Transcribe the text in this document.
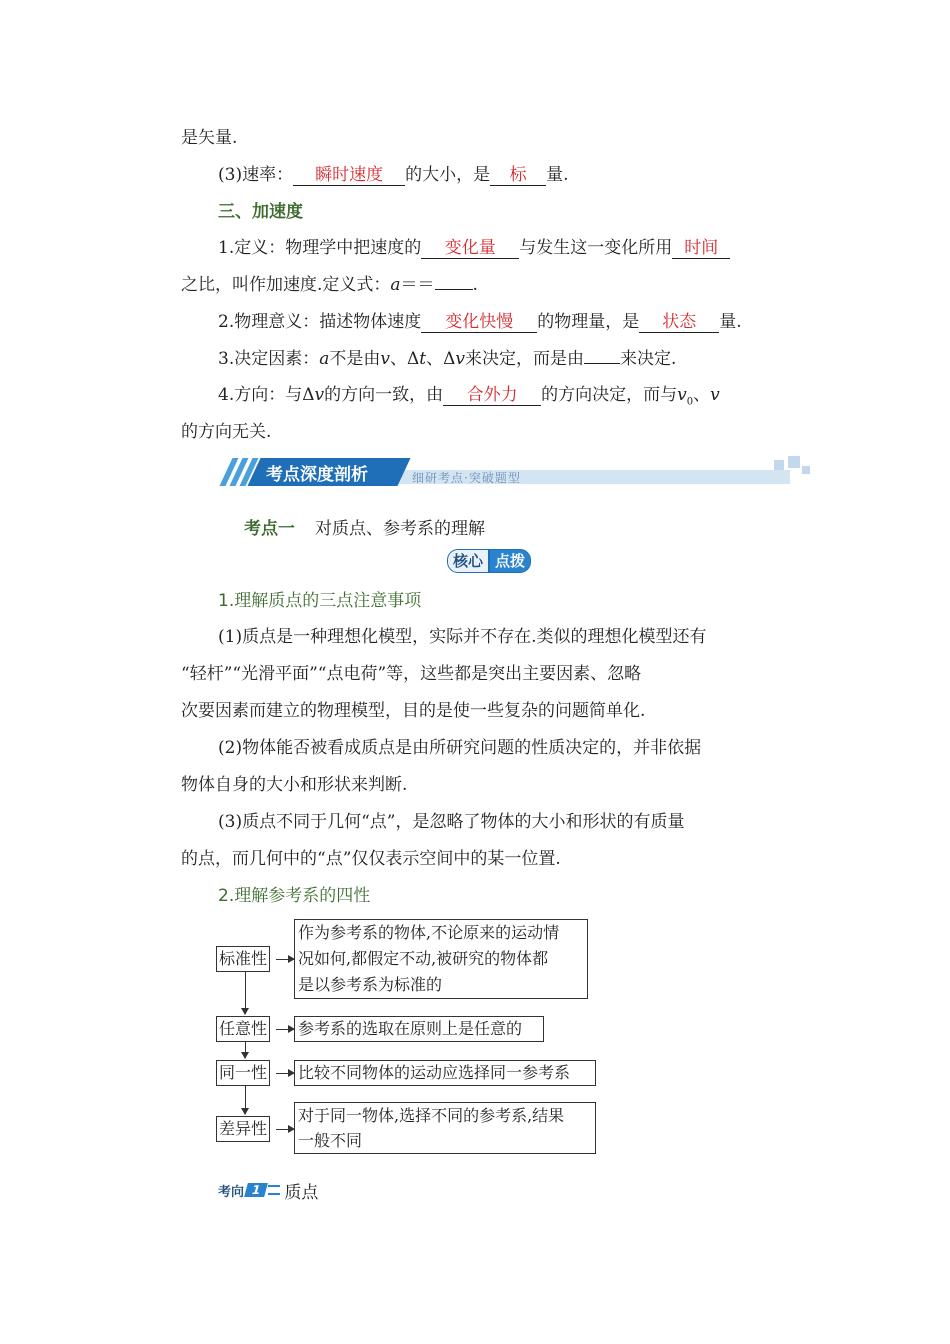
是矢量.
(3)速率： 瞬时速度 的大小，是 标 量.
三、加速度
1.定义：物理学中把速度的 变化量 与发生这一变化所用 时间
之比，叫作加速度.定义式：a＝＝ .
2.物理意义：描述物体速度 变化快慢 的物理量，是 状态 量.
3.决定因素：a不是由v、Δt、Δv来决定，而是由 来决定.
4.方向：与Δv的方向一致，由 合外力 的方向决定，而与$v_0$、v
的方向无关.
细研考点·突破题型
考点深度剖析
考点一 对质点、参考系的理解
核心 点拨
1.理解质点的三点注意事项
(1)质点是一种理想化模型，实际并不存在.类似的理想化模型还有
“轻杆”“光滑平面”“点电荷”等，这些都是突出主要因素、忽略
次要因素而建立的物理模型，目的是使一些复杂的问题简单化.
(2)物体能否被看成质点是由所研究问题的性质决定的，并非依据
物体自身的大小和形状来判断.
(3)质点不同于几何“点”，是忽略了物体的大小和形状的有质量
的点，而几何中的“点”仅仅表示空间中的某一位置.
2.理解参考系的四性
标准性
作为参考系的物体,不论原来的运动情
况如何,都假定不动,被研究的物体都
是以参考系为标准的
任意性 参考系的选取在原则上是任意的
同一性 比较不同物体的运动应选择同一参考系
差异性
对于同一物体,选择不同的参考系,结果
一般不同
考向 1	质点
